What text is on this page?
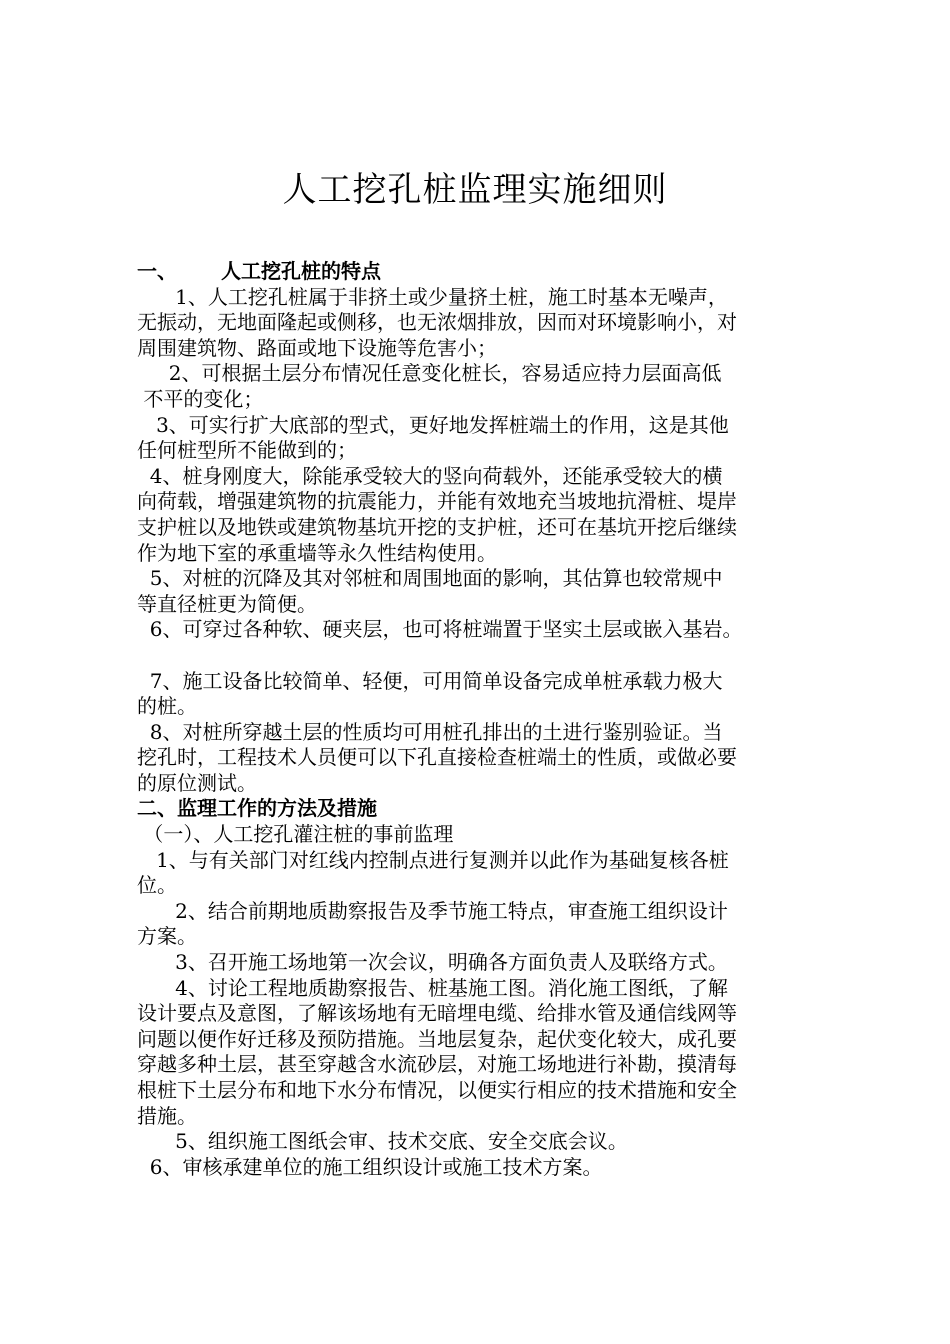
人工挖孔桩监理实施细则
一、 人工挖孔桩的特点
1、人工挖孔桩属于非挤土或少量挤土桩，施工时基本无噪声，
无振动，无地面隆起或侧移，也无浓烟排放，因而对环境影响小，对
周围建筑物、路面或地下设施等危害小；
2、可根据土层分布情况任意变化桩长，容易适应持力层面高低
不平的变化；
3、可实行扩大底部的型式，更好地发挥桩端土的作用，这是其他
任何桩型所不能做到的；
4、桩身刚度大，除能承受较大的竖向荷载外，还能承受较大的横
向荷载，增强建筑物的抗震能力，并能有效地充当坡地抗滑桩、堤岸
支护桩以及地铁或建筑物基坑开挖的支护桩，还可在基坑开挖后继续
作为地下室的承重墙等永久性结构使用。
5、对桩的沉降及其对邻桩和周围地面的影响，其估算也较常规中
等直径桩更为简便。
6、可穿过各种软、硬夹层，也可将桩端置于坚实土层或嵌入基岩。
7、施工设备比较简单、轻便，可用简单设备完成单桩承载力极大
的桩。
8、对桩所穿越土层的性质均可用桩孔排出的土进行鉴别验证。当
挖孔时，工程技术人员便可以下孔直接检查桩端土的性质，或做必要
的原位测试。
二、监理工作的方法及措施
（一）、人工挖孔灌注桩的事前监理
1、与有关部门对红线内控制点进行复测并以此作为基础复核各桩
位。
2、结合前期地质勘察报告及季节施工特点，审查施工组织设计
方案。
3、召开施工场地第一次会议，明确各方面负责人及联络方式。
4、讨论工程地质勘察报告、桩基施工图。消化施工图纸，了解
设计要点及意图，了解该场地有无暗埋电缆、给排水管及通信线网等
问题以便作好迁移及预防措施。当地层复杂，起伏变化较大，成孔要
穿越多种土层，甚至穿越含水流砂层，对施工场地进行补勘，摸清每
根桩下土层分布和地下水分布情况，以便实行相应的技术措施和安全
措施。
5、组织施工图纸会审、技术交底、安全交底会议。
6、审核承建单位的施工组织设计或施工技术方案。
